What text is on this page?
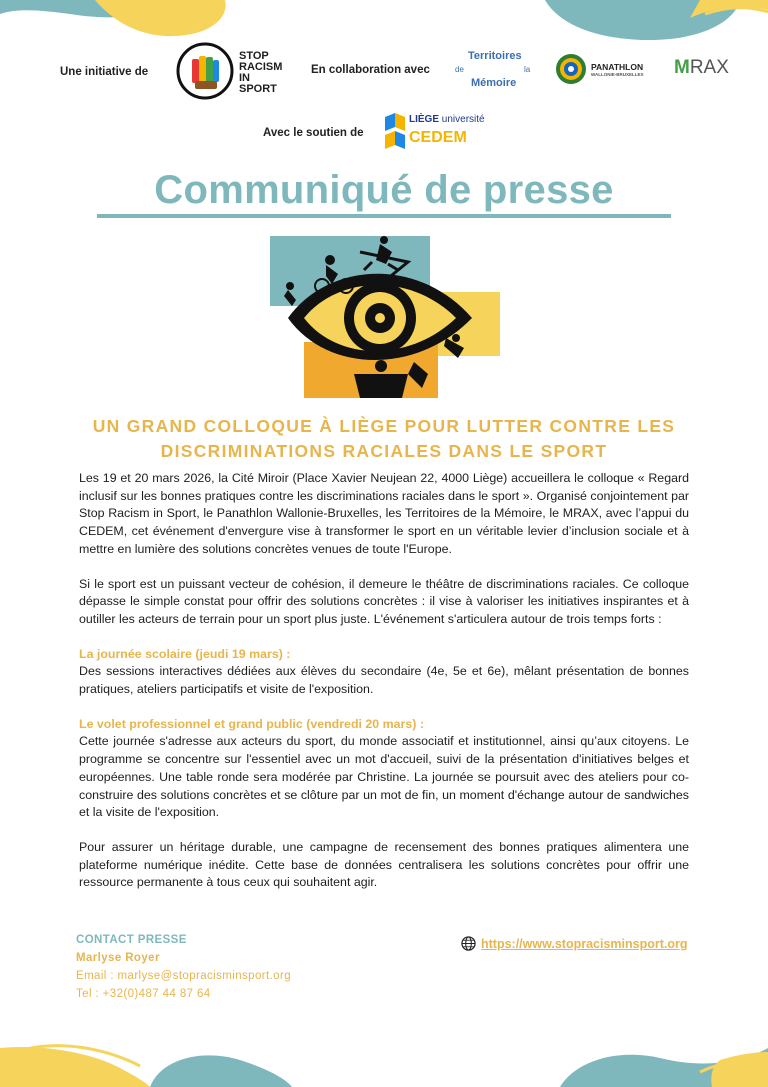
Une initiative de
STOP
RACISM
IN
SPORT
En collaboration avec
Territoires
de	la
Mémoire
PANATHLON
WALLONIE-BRUXELLES MRAX
Avec le soutien de
LIÈGE université
CEDEM
Communiqué de presse
UN GRAND COLLOQUE À LIÈGE POUR LUTTER CONTRE LES
DISCRIMINATIONS RACIALES DANS LE SPORT

Les 19 et 20 mars 2026, la Cité Miroir (Place Xavier Neujean 22, 4000 Liège) accueillera le colloque « Regard inclusif sur les bonnes pratiques contre les discriminations raciales dans le sport ». Organisé conjointement par Stop Racism in Sport, le Panathlon Wallonie-Bruxelles, les Territoires de la Mémoire, le MRAX, avec l’appui du CEDEM, cet événement d'envergure vise à transformer le sport en un véritable levier d’inclusion sociale et à mettre en lumière des solutions concrètes venues de toute l'Europe.

Si le sport est un puissant vecteur de cohésion, il demeure le théâtre de discriminations raciales. Ce colloque dépasse le simple constat pour offrir des solutions concrètes : il vise à valoriser les initiatives inspirantes et à outiller les acteurs de terrain pour un sport plus juste. L'événement s'articulera autour de trois temps forts :

La journée scolaire (jeudi 19 mars) :

Des sessions interactives dédiées aux élèves du secondaire (4e, 5e et 6e), mêlant présentation de bonnes pratiques, ateliers participatifs et visite de l'exposition.

Le volet professionnel et grand public (vendredi 20 mars) :

Cette journée s'adresse aux acteurs du sport, du monde associatif et institutionnel, ainsi qu’aux citoyens. Le programme se concentre sur l'essentiel avec un mot d'accueil, suivi de la présentation d'initiatives belges et européennes. Une table ronde sera modérée par Christine. La journée se poursuit avec des ateliers pour co-construire des solutions concrètes et se clôture par un mot de fin, un moment d'échange autour de sandwiches et la visite de l'exposition.

Pour assurer un héritage durable, une campagne de recensement des bonnes pratiques alimentera une plateforme numérique inédite. Cette base de données centralisera les solutions concrètes pour offrir une ressource permanente à tous ceux qui souhaitent agir.

CONTACT PRESSE
Marlyse Royer
Email : marlyse@stopracisminsport.org
Tel : +32(0)487 44 87 64
https://www.stopracisminsport.org
